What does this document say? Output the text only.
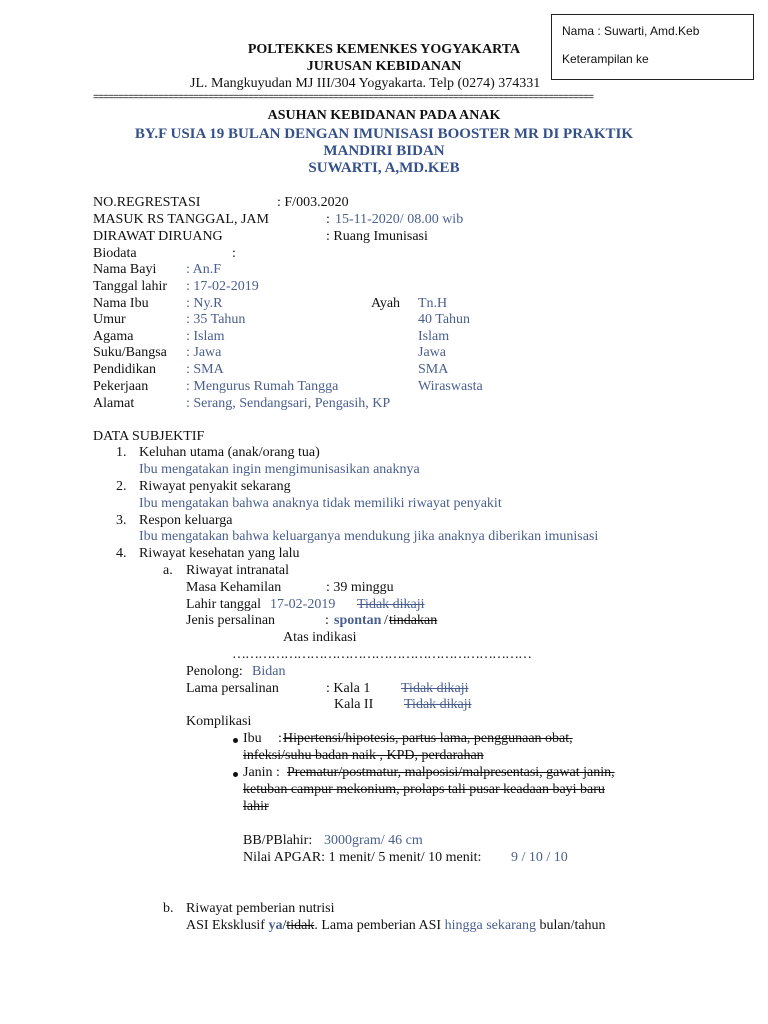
Nama : Suwarti, Amd.Keb
Keterampilan ke
POLTEKKES KEMENKES YOGYAKARTA
JURUSAN KEBIDANAN
JL. Mangkuyudan MJ III/304 Yogyakarta. Telp (0274) 374331
====================================================================================================
ASUHAN KEBIDANAN PADA ANAK
BY.F USIA 19 BULAN DENGAN IMUNISASI BOOSTER MR DI PRAKTIK
MANDIRI BIDAN
SUWARTI, A,MD.KEB
NO.REGRESTASI	: F/003.2020
MASUK RS TANGGAL, JAM	: 15-11-2020/ 08.00 wib
DIRAWAT DIRUANG	: Ruang Imunisasi
Biodata	:
Nama Bayi : An.F
Tanggal lahir : 17-02-2019
Nama Ibu	: Ny.R	Ayah Tn.H
Umur	: 35 Tahun	40 Tahun
Agama	: Islam	Islam
Suku/Bangsa : Jawa	Jawa
Pendidikan : SMA	SMA
Pekerjaan	: Mengurus Rumah Tangga	Wiraswasta
Alamat	: Serang, Sendangsari, Pengasih, KP
DATA SUBJEKTIF
1. Keluhan utama (anak/orang tua)
Ibu mengatakan ingin mengimunisasikan anaknya
2. Riwayat penyakit sekarang
Ibu mengatakan bahwa anaknya tidak memiliki riwayat penyakit
3. Respon keluarga
Ibu mengatakan bahwa keluarganya mendukung jika anaknya diberikan imunisasi
4. Riwayat kesehatan yang lalu
a. Riwayat intranatal
Masa Kehamilan	: 39 minggu
Lahir tanggal 17-02-2019 Tidak dikaji
Jenis persalinan	: spontan / tindakan
Atas indikasi
……………………………………………………………
Penolong: Bidan
Lama persalinan	: Kala 1 Tidak dikaji
Kala II Tidak dikaji
Komplikasi
Ibu : Hipertensi/hipotesis, partus lama, penggunaan obat,
infeksi/suhu badan naik , KPD, perdarahan
Janin : Prematur/postmatur, malposisi/malpresentasi, gawat janin,
ketuban campur mekonium, prolaps tali pusar keadaan bayi baru
lahir
BB/PBlahir: 3000gram/ 46 cm
Nilai APGAR: 1 menit/ 5 menit/ 10 menit: 9 / 10 / 10
b. Riwayat pemberian nutrisi
ASI Eksklusif ya/tidak. Lama pemberian ASI hingga sekarang bulan/tahun
